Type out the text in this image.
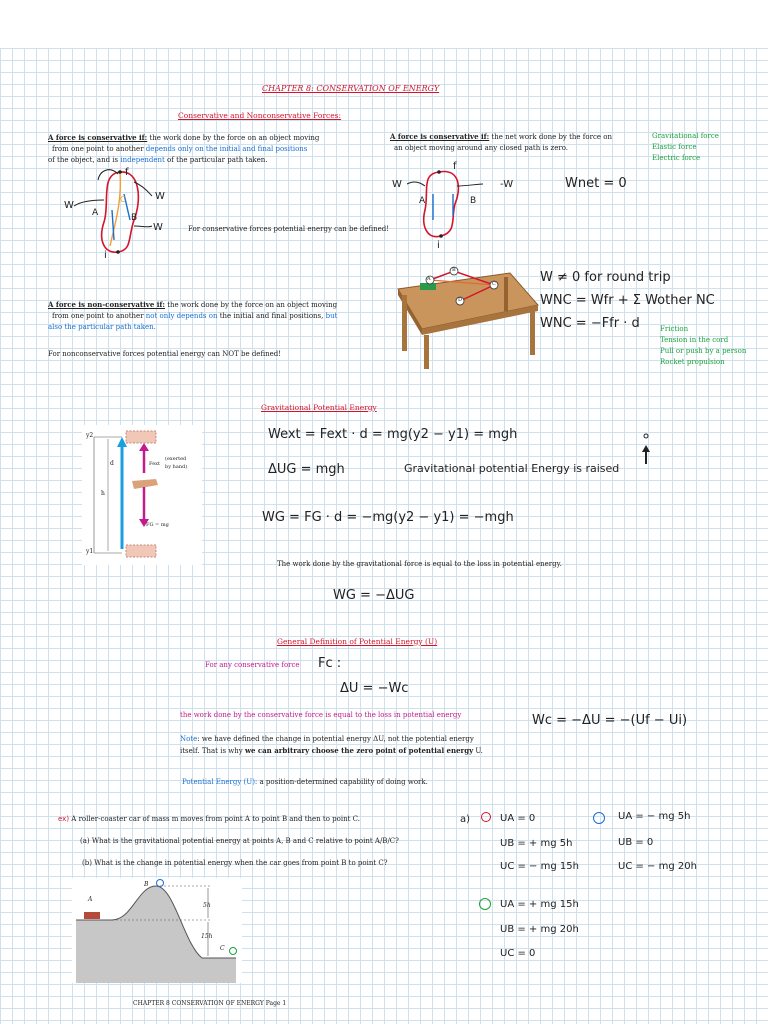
CHAPTER 8: CONSERVATION OF ENERGY
Conservative and Nonconservative Forces:
A force is conservative if: the work done by the force on an object moving
from one point to another depends only on the initial and final positions
of the object, and is independent of the particular path taken.
A force is conservative if: the net work done by the force on
an object moving around any closed path is zero.
Gravitational force
Elastic force
Electric force
f
i
W
W
W
A	B
C
For conservative forces potential energy can be defined!
f
i
W	-W
A	B
Wnet = 0
A
B
C
D
W ≠ 0 for round trip
WNC = Wfr + Σ Wother NC
WNC = −Ffr · d	Friction
Tension in the cord
Pull or push by a person
Rocket propulsion
A force is non-conservative if: the work done by the force on an object moving
from one point to another not only depends on the initial and final positions, but
also the particular path taken.
For nonconservative forces potential energy can NOT be defined!
Gravitational Potential Energy
y2
y1
d
h
Fext
(exerted
by hand)
FG = mg
Wext = Fext · d = mg(y2 − y1) = mgh
ΔUG = mgh	Gravitational potential Energy is raised
WG = FG · d = −mg(y2 − y1) = −mgh
The work done by the gravitational force is equal to the loss in potential energy.
WG = −ΔUG
General Definition of Potential Energy (U)
For any conservative force Fc :
ΔU = −Wc
the work done by the conservative force is equal to the loss in potential energy	Wc = −ΔU = −(Uf − Ui)
Note: we have defined the change in potential energy ΔU, not the potential energy
itself. That is why we can arbitrary choose the zero point of potential energy U.
Potential Energy (U): a position-determined capability of doing work.
ex) A roller-coaster car of mass m moves from point A to point B and then to point C.
(a) What is the gravitational potential energy at points A, B and C relative to point A/B/C?
(b) What is the change in potential energy when the car goes from point B to point C?
A
B
C
5h
15h
a)	UA = 0
UB = + mg 5h
UC = − mg 15h
UA = − mg 5h
UB = 0
UC = − mg 20h
UA = + mg 15h
UB = + mg 20h
UC = 0
CHAPTER 8 CONSERVATION OF ENERGY Page 1
